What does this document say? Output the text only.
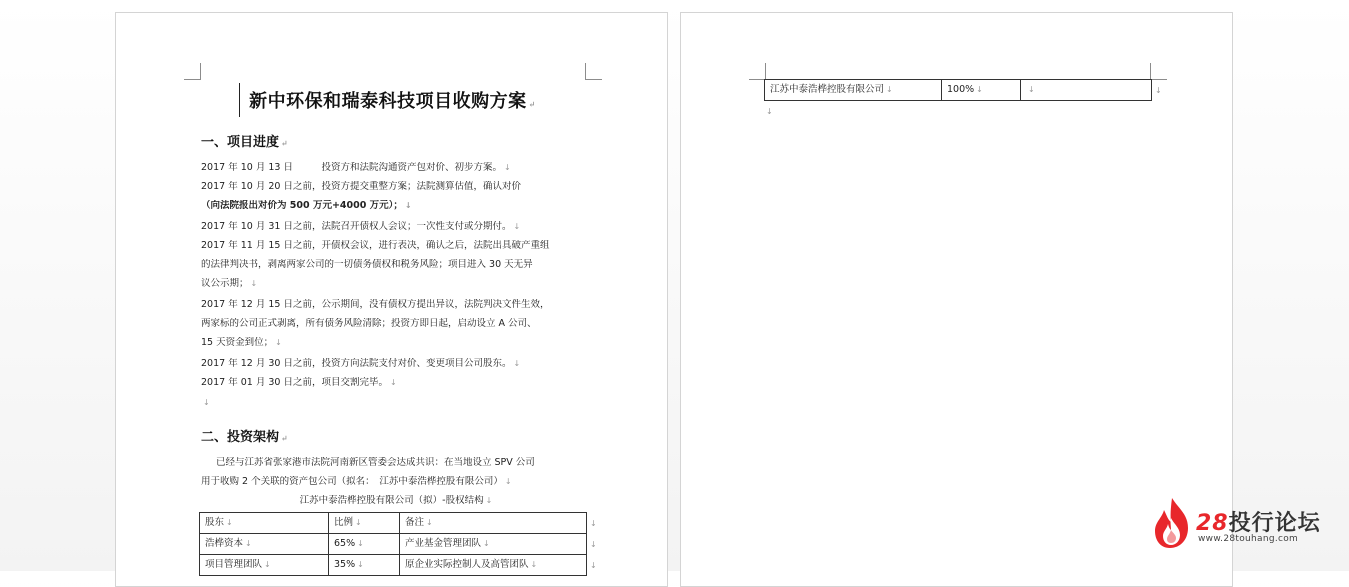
新中环保和瑞泰科技项目收购方案 ↵
一、项目进度 ↵
2017 年 10 月 13 日　　　投资方和法院沟通资产包对价、初步方案。 ↓
2017 年 10 月 20 日之前，投资方提交重整方案；法院测算估值，确认对价
（向法院报出对价为 500 万元+4000 万元）； ↓
2017 年 10 月 31 日之前，法院召开债权人会议；一次性支付或分期付。 ↓
2017 年 11 月 15 日之前，开债权会议，进行表决，确认之后，法院出具破产重组
的法律判决书，剥离两家公司的一切债务债权和税务风险；项目进入 30 天无异
议公示期； ↓
2017 年 12 月 15 日之前，公示期间，没有债权方提出异议，法院判决文件生效，
两家标的公司正式剥离，所有债务风险清除；投资方即日起，启动设立 A 公司、
15 天资金到位； ↓
2017 年 12 月 30 日之前，投资方向法院支付对价、变更项目公司股东。 ↓
2017 年 01 月 30 日之前，项目交割完毕。 ↓
↓
二、投资架构 ↵
已经与江苏省张家港市法院河南新区管委会达成共识：在当地设立 SPV 公司
用于收购 2 个关联的资产包公司（拟名：　江苏中泰浩桦控股有限公司） ↓
江苏中泰浩桦控股有限公司（拟）-股权结构 ↓
股东 ↓	比例 ↓	备注 ↓
浩桦资本 ↓	65% ↓	产业基金管理团队 ↓
项目管理团队 ↓	35% ↓	原企业实际控制人及高管团队 ↓
↓
↓
↓
江苏中泰浩桦控股有限公司 ↓	100% ↓	↓	↓
↓
28投行论坛
www.28touhang.com
